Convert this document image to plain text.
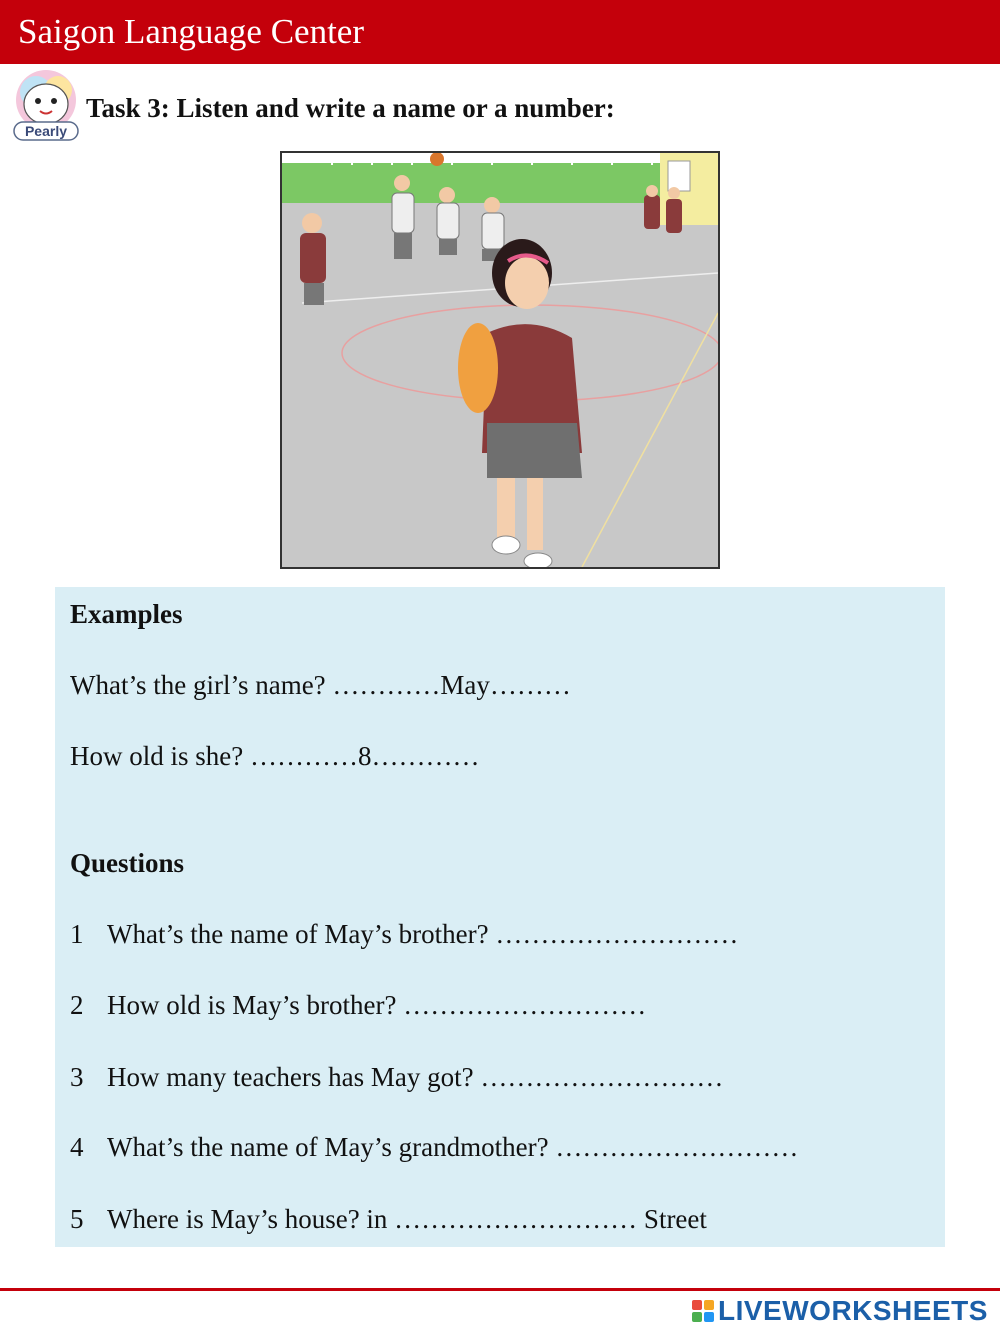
Saigon Language Center
Pearly
Task 3: Listen and write a name or a number:
Examples
What’s the girl’s name? …………May………
How old is she? …………8…………
Questions
1 What’s the name of May’s brother? ………………………
2 How old is May’s brother? ………………………
3 How many teachers has May got? ………………………
4 What’s the name of May’s grandmother? ………………………
5 Where is May’s house? in ……………………… Street
LIVEWORKSHEETS
